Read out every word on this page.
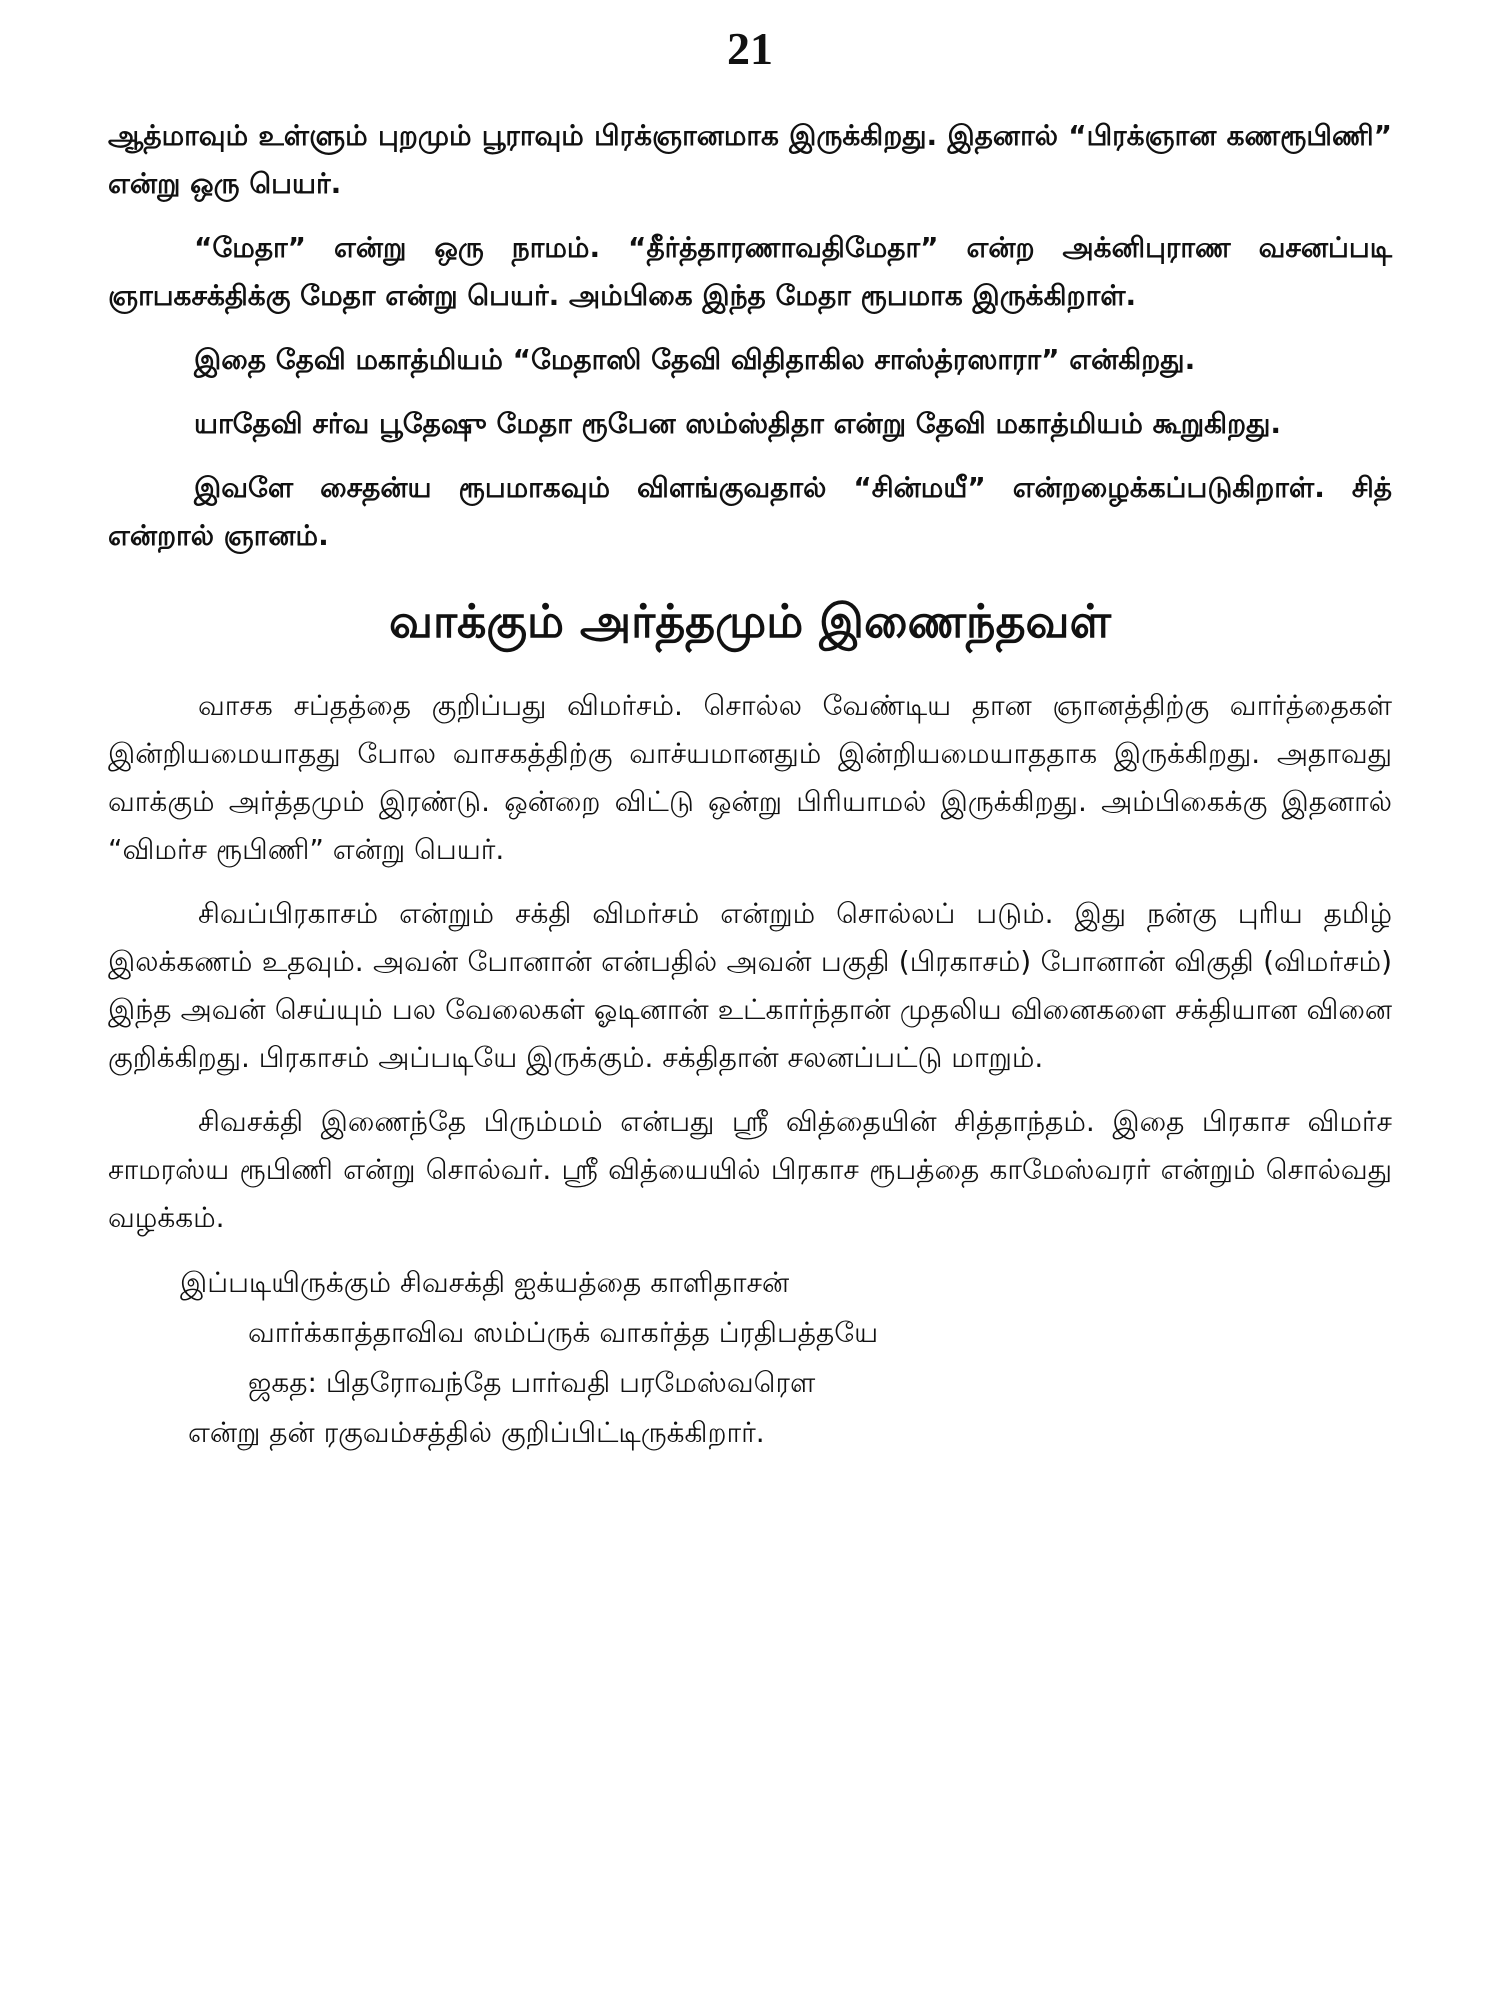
21

ஆத்மாவும் உள்ளும் புறமும் பூராவும் பிரக்ஞானமாக இருக்கிறது. இதனால் “பிரக்ஞான கணரூபிணி” என்று ஒரு பெயர்.

“மேதா” என்று ஒரு நாமம். “தீர்த்தாரணாவதிமேதா” என்ற அக்னிபுராண வசனப்படி ஞாபகசக்திக்கு மேதா என்று பெயர். அம்பிகை இந்த மேதா ரூபமாக இருக்கிறாள்.

இதை தேவி மகாத்மியம் “மேதாஸி தேவி விதிதாகில சாஸ்த்ரஸாரா” என்கிறது.

யாதேவி சர்வ பூதேஷு மேதா ரூபேன ஸம்ஸ்திதா என்று தேவி மகாத்மியம் கூறுகிறது.

இவளே சைதன்ய ரூபமாகவும் விளங்குவதால் “சின்மயீ” என்றழைக்கப்படுகிறாள். சித் என்றால் ஞானம்.

வாக்கும் அர்த்தமும் இணைந்தவள்

வாசக சப்தத்தை குறிப்பது விமர்சம். சொல்ல வேண்டிய தான ஞானத்திற்கு வார்த்தைகள் இன்றியமையாதது போல வாசகத்திற்கு வாச்யமானதும் இன்றியமையாததாக இருக்கிறது. அதாவது வாக்கும் அர்த்தமும் இரண்டு. ஒன்றை விட்டு ஒன்று பிரியாமல் இருக்கிறது. அம்பிகைக்கு இதனால் “விமர்ச ரூபிணி” என்று பெயர்.

சிவப்பிரகாசம் என்றும் சக்தி விமர்சம் என்றும் சொல்லப் படும். இது நன்கு புரிய தமிழ் இலக்கணம் உதவும். அவன் போனான் என்பதில் அவன் பகுதி (பிரகாசம்) போனான் விகுதி (விமர்சம்) இந்த அவன் செய்யும் பல வேலைகள் ஓடினான் உட்கார்ந்தான் முதலிய வினைகளை சக்தியான வினை குறிக்கிறது. பிரகாசம் அப்படியே இருக்கும். சக்திதான் சலனப்பட்டு மாறும்.

சிவசக்தி இணைந்தே பிரும்மம் என்பது ஸ்ரீ வித்தையின் சித்தாந்தம். இதை பிரகாச விமர்ச சாமரஸ்ய ரூபிணி என்று சொல்வர். ஸ்ரீ வித்யையில் பிரகாச ரூபத்தை காமேஸ்வரர் என்றும் சொல்வது வழக்கம்.

இப்படியிருக்கும் சிவசக்தி ஐக்யத்தை காளிதாசன்
வார்க்காத்தாவிவ ஸம்ப்ருக் வாகர்த்த ப்ரதிபத்தயே
ஜகத: பிதரோவந்தே பார்வதி பரமேஸ்வரௌ
என்று தன் ரகுவம்சத்தில் குறிப்பிட்டிருக்கிறார்.
